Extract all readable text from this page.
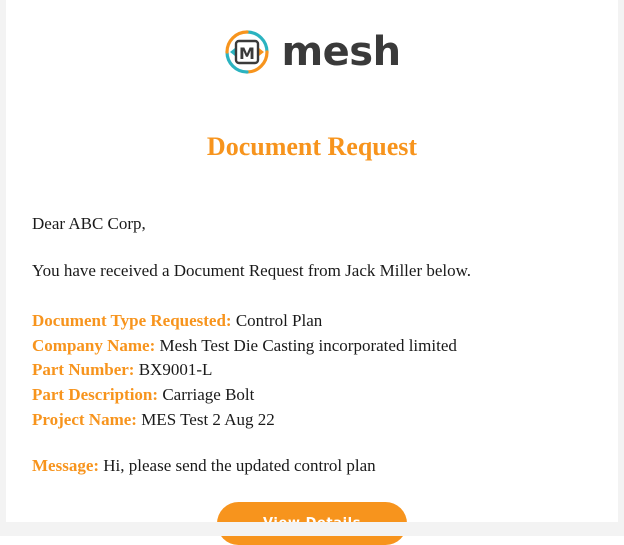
M mesh
Document Request

Dear ABC Corp,

You have received a Document Request from Jack Miller below.

Document Type Requested: Control Plan
Company Name: Mesh Test Die Casting incorporated limited
Part Number: BX9001-L
Part Description: Carriage Bolt
Project Name: MES Test 2 Aug 22
Message: Hi, please send the updated control plan
